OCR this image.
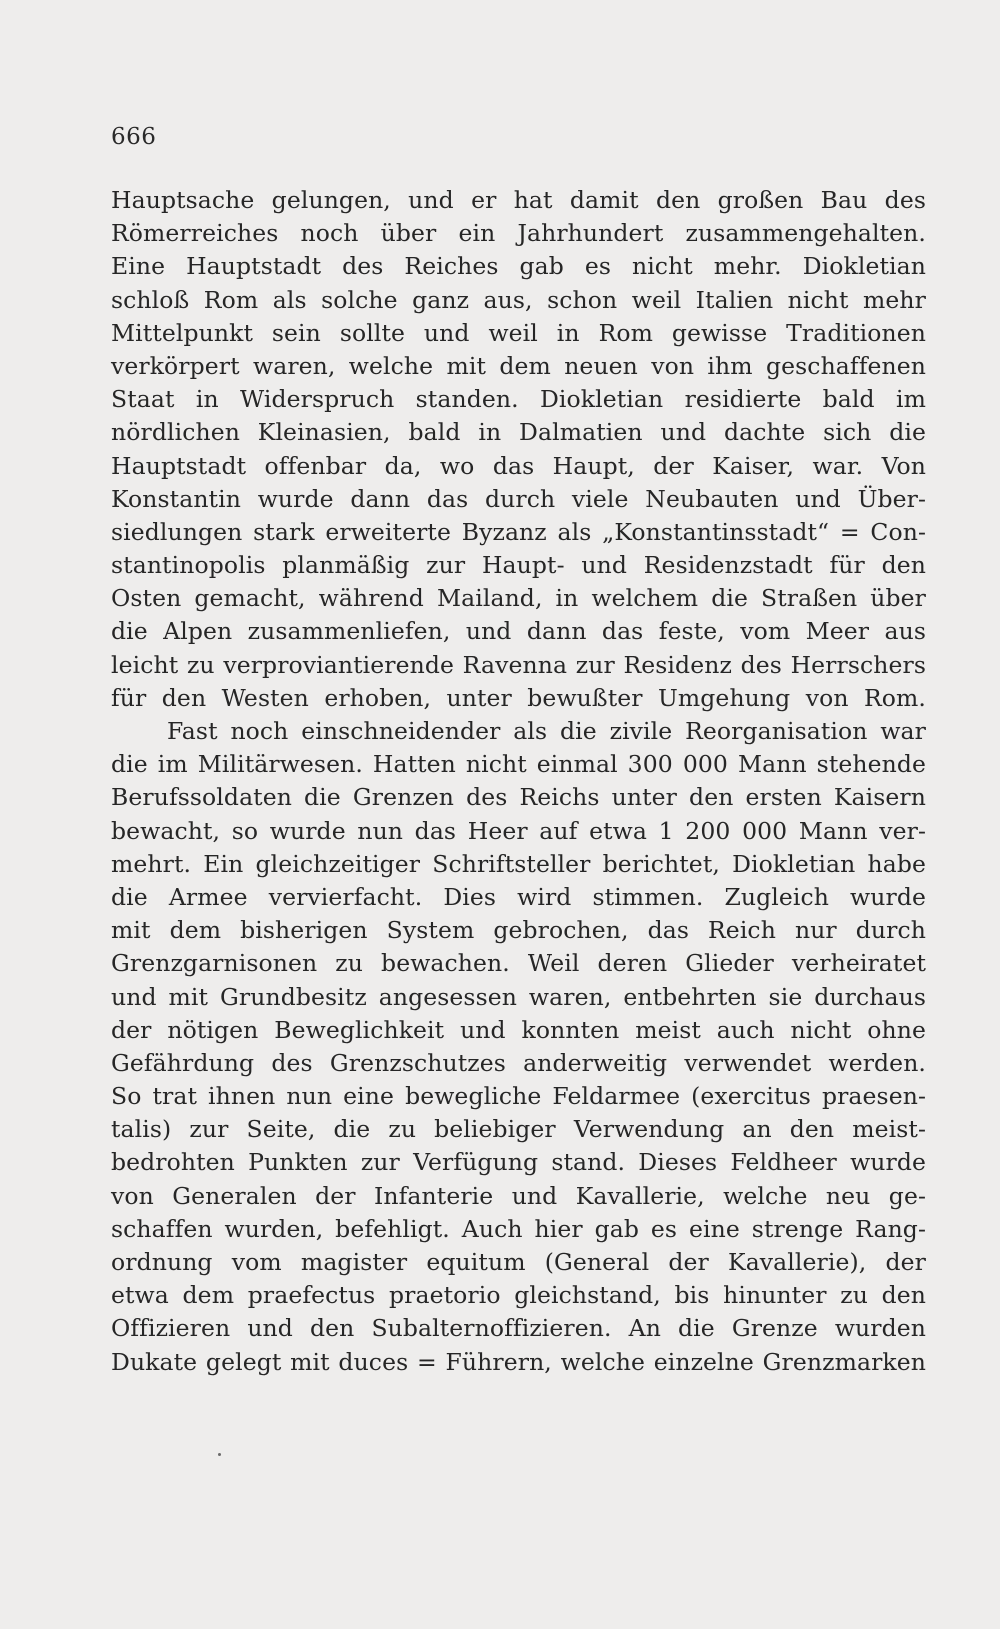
666
Hauptsache gelungen, und er hat damit den großen Bau des
Römerreiches noch über ein Jahrhundert zusammengehalten.
Eine Hauptstadt des Reiches gab es nicht mehr. Diokletian
schloß Rom als solche ganz aus, schon weil Italien nicht mehr
Mittelpunkt sein sollte und weil in Rom gewisse Traditionen
verkörpert waren, welche mit dem neuen von ihm geschaffenen
Staat in Widerspruch standen. Diokletian residierte bald im
nördlichen Kleinasien, bald in Dalmatien und dachte sich die
Hauptstadt offenbar da, wo das Haupt, der Kaiser, war. Von
Konstantin wurde dann das durch viele Neubauten und Über-
siedlungen stark erweiterte Byzanz als „Konstantinsstadt“ = Con-
stantinopolis planmäßig zur Haupt- und Residenzstadt für den
Osten gemacht, während Mailand, in welchem die Straßen über
die Alpen zusammenliefen, und dann das feste, vom Meer aus
leicht zu verproviantierende Ravenna zur Residenz des Herrschers
für den Westen erhoben, unter bewußter Umgehung von Rom.
Fast noch einschneidender als die zivile Reorganisation war
die im Militärwesen. Hatten nicht einmal 300 000 Mann stehende
Berufssoldaten die Grenzen des Reichs unter den ersten Kaisern
bewacht, so wurde nun das Heer auf etwa 1 200 000 Mann ver-
mehrt. Ein gleichzeitiger Schriftsteller berichtet, Diokletian habe
die Armee vervierfacht. Dies wird stimmen. Zugleich wurde
mit dem bisherigen System gebrochen, das Reich nur durch
Grenzgarnisonen zu bewachen. Weil deren Glieder verheiratet
und mit Grundbesitz angesessen waren, entbehrten sie durchaus
der nötigen Beweglichkeit und konnten meist auch nicht ohne
Gefährdung des Grenzschutzes anderweitig verwendet werden.
So trat ihnen nun eine bewegliche Feldarmee (exercitus praesen-
talis) zur Seite, die zu beliebiger Verwendung an den meist-
bedrohten Punkten zur Verfügung stand. Dieses Feldheer wurde
von Generalen der Infanterie und Kavallerie, welche neu ge-
schaffen wurden, befehligt. Auch hier gab es eine strenge Rang-
ordnung vom magister equitum (General der Kavallerie), der
etwa dem praefectus praetorio gleichstand, bis hinunter zu den
Offizieren und den Subalternoffizieren. An die Grenze wurden
Dukate gelegt mit duces = Führern, welche einzelne Grenzmarken
